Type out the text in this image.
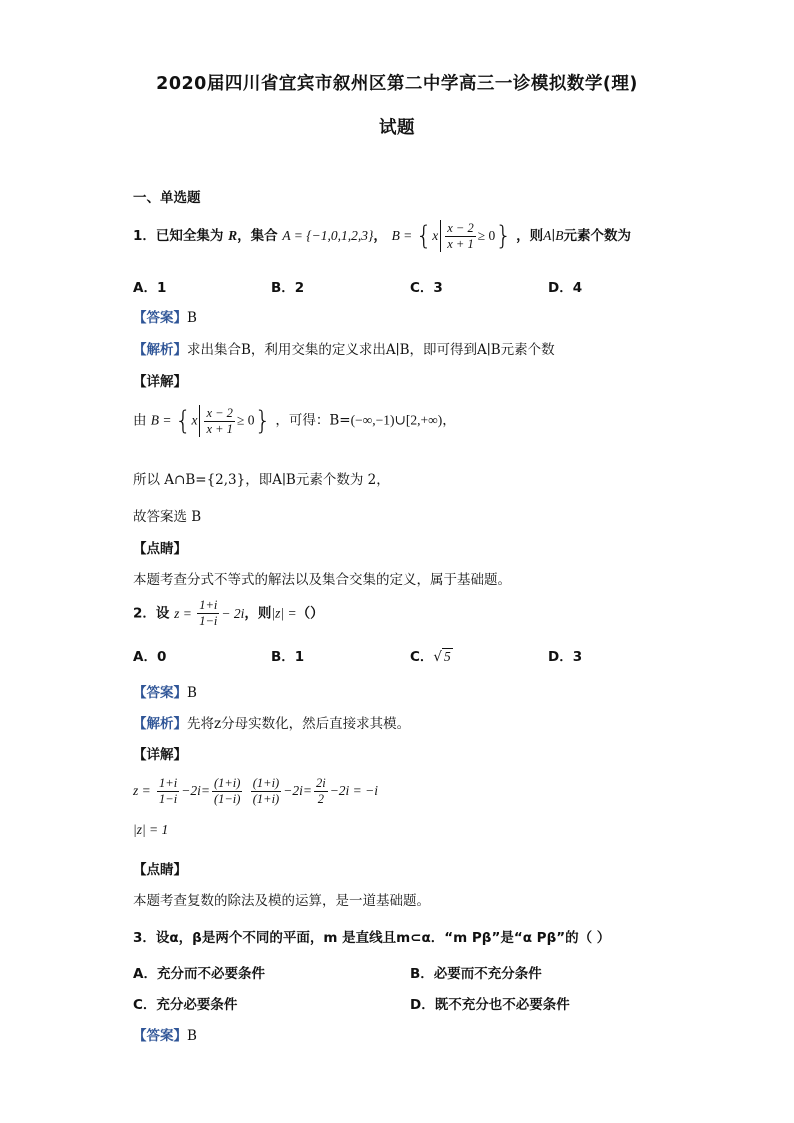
2020届四川省宜宾市叙州区第二中学高三一诊模拟数学(理)
试题
一、单选题
1．已知全集为 R，集合 A = {−1,0,1,2,3}， $B = \{x \frac{x - 2}{x + 1} \ge 0\}$ ，则A∣B元素个数为
A．1	B．2	C．3	D．4
【答案】B
【解析】求出集合B，利用交集的定义求出A∣B，即可得到A∣B元素个数
【详解】
由 $B = \{x \frac{x - 2}{x + 1} \ge 0\}$ ，可得：B=(−∞,−1)∪[2,+∞)，
所以 A∩B={2,3}，即A∣B元素个数为 2，
故答案选 B
【点睛】
本题考查分式不等式的解法以及集合交集的定义，属于基础题。
2．设 $z = \frac{1+i}{1-i} - 2i$，则|z| =（）
A．0	B．1	C．√ 5	D．3
【答案】B
【解析】先将z分母实数化，然后直接求其模。
【详解】
$z = \frac{1+i}{1-i} -2i= \frac{(1+i)}{(1-i)}$
$\frac{(1+i)}{(1+i)} -2i= \frac{2i}{2} -2i = -i$
|z| = 1
【点睛】
本题考查复数的除法及模的运算，是一道基础题。
3．设α，β是两个不同的平面，m 是直线且m⊂α．“m Pβ”是“α Pβ”的（ ）
A．充分而不必要条件	B．必要而不充分条件
C．充分必要条件	D．既不充分也不必要条件
【答案】B
